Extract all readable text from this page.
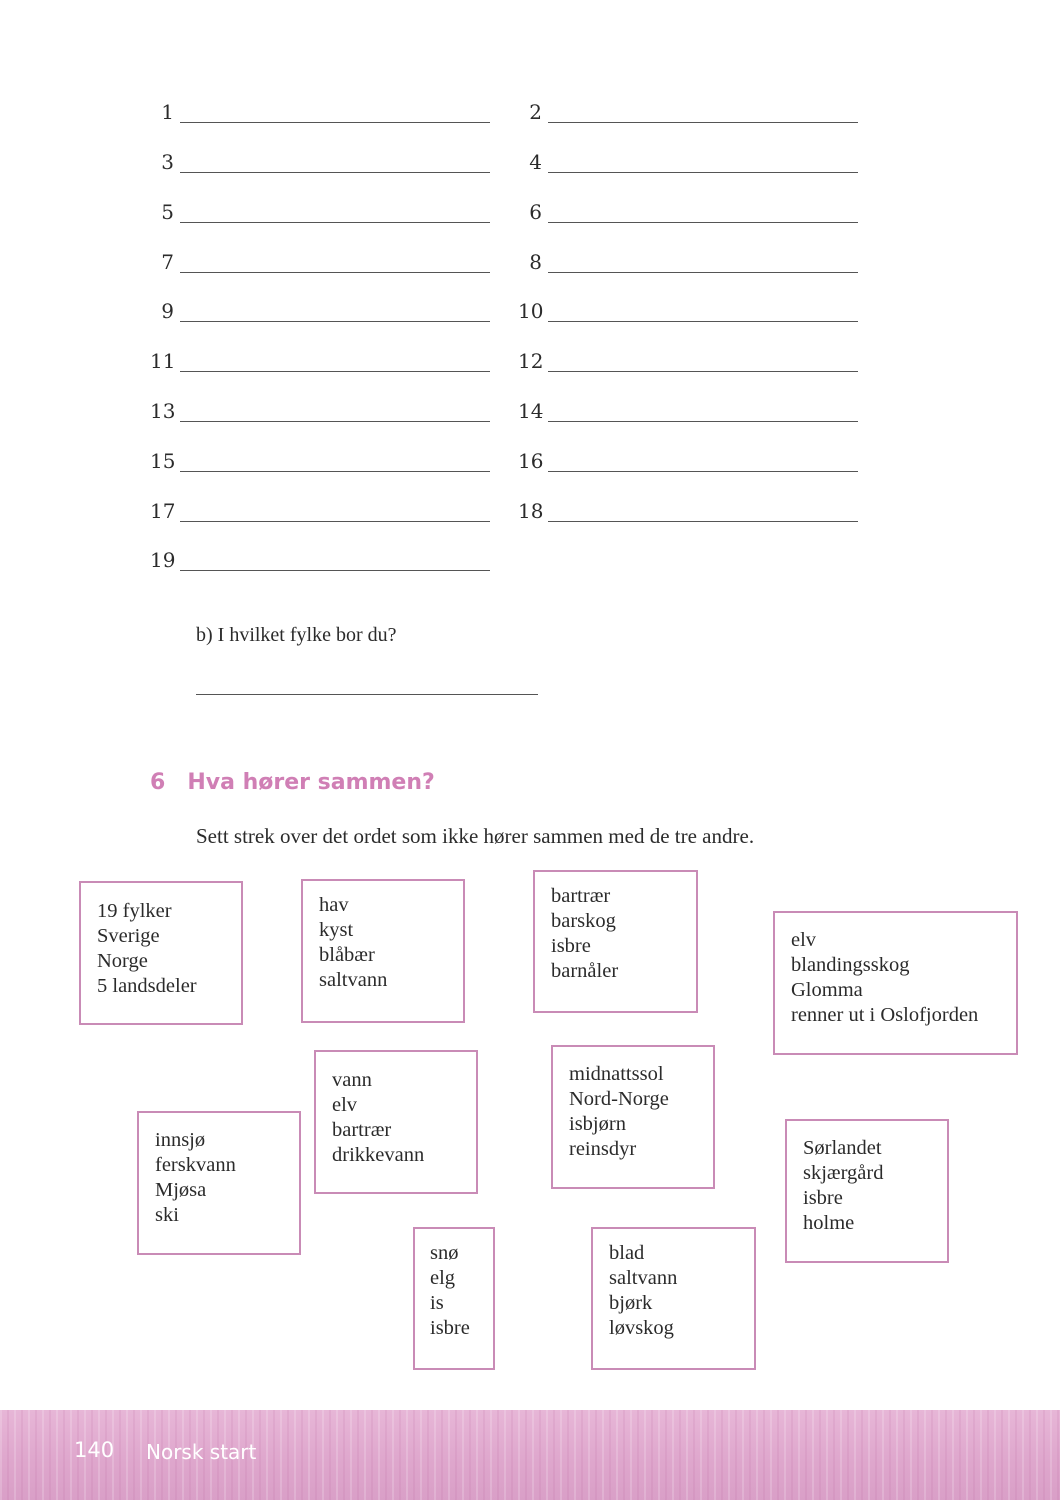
1	2
3	4
5	6
7	8
9	10
11	12
13	14
15	16
17	18
19
b) I hvilket fylke bor du?
6 Hva hører sammen?
Sett strek over det ordet som ikke hører sammen med de tre andre.
19 fylker
Sverige
Norge
5 landsdeler
hav
kyst
blåbær
saltvann
bartrær
barskog
isbre
barnåler
elv
blandingsskog
Glomma
renner ut i Oslofjorden
vann
elv
bartrær
drikkevann
midnattssol
Nord-Norge
isbjørn
reinsdyr
innsjø
ferskvann
Mjøsa
ski
Sørlandet
skjærgård
isbre
holme
snø
elg
is
isbre
blad
saltvann
bjørk
løvskog
140 Norsk start
